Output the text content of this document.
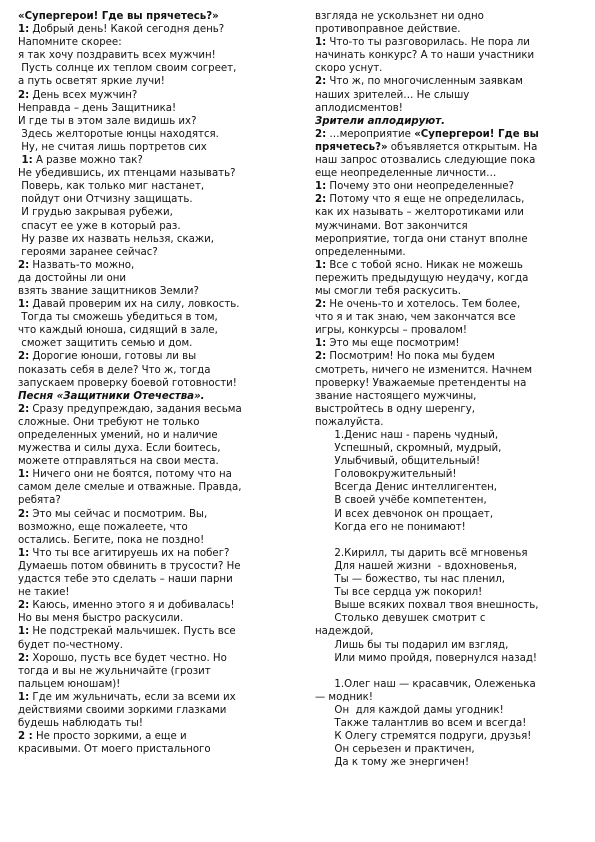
«Супергерои! Где вы прячетесь?»
1: Добрый день! Какой сегодня день?
Напомните скорее:
я так хочу поздравить всех мужчин!
Пусть солнце их теплом своим согреет,
а путь осветят яркие лучи!
2: День всех мужчин?
Неправда – день Защитника!
И где ты в этом зале видишь их?
Здесь желторотые юнцы находятся.
Ну, не считая лишь портретов сих
1: А разве можно так?
Не убедившись, их птенцами называть?
Поверь, как только миг настанет,
пойдут они Отчизну защищать.
И грудью закрывая рубежи,
спасут ее уже в который раз.
Ну разве их назвать нельзя, скажи,
героями заранее сейчас?
2: Назвать-то можно,
да достойны ли они
взять звание защитников Земли?
1: Давай проверим их на силу, ловкость.
Тогда ты сможешь убедиться в том,
что каждый юноша, сидящий в зале,
сможет защитить семью и дом.
2: Дорогие юноши, готовы ли вы
показать себя в деле? Что ж, тогда
запускаем проверку боевой готовности!
Песня «Защитники Отечества».
2: Сразу предупреждаю, задания весьма
сложные. Они требуют не только
определенных умений, но и наличие
мужества и силы духа. Если боитесь,
можете отправляться на свои места.
1: Ничего они не боятся, потому что на
самом деле смелые и отважные. Правда,
ребята?
2: Это мы сейчас и посмотрим. Вы,
возможно, еще пожалеете, что
остались. Бегите, пока не поздно!
1: Что ты все агитируешь их на побег?
Думаешь потом обвинить в трусости? Не
удастся тебе это сделать – наши парни
не такие!
2: Каюсь, именно этого я и добивалась!
Но вы меня быстро раскусили.
1: Не подстрекай мальчишек. Пусть все
будет по-честному.
2: Хорошо, пусть все будет честно. Но
тогда и вы не жульничайте (грозит
пальцем юношам)!
1: Где им жульничать, если за всеми их
действиями своими зоркими глазками
будешь наблюдать ты!
2 : Не просто зоркими, а еще и
красивыми. От моего пристального
взгляда не ускользнет ни одно
противоправное действие.
1: Что-то ты разговорилась. Не пора ли
начинать конкурс? А то наши участники
скоро уснут.
2: Что ж, по многочисленным заявкам
наших зрителей… Не слышу
аплодисментов!
Зрители аплодируют.
2: …мероприятие «Супергерои! Где вы
прячетесь?» объявляется открытым. На
наш запрос отозвались следующие пока
еще неопределенные личности…
1: Почему это они неопределенные?
2: Потому что я еще не определилась,
как их называть – желторотиками или
мужчинами. Вот закончится
мероприятие, тогда они станут вполне
определенными.
1: Все с тобой ясно. Никак не можешь
пережить предыдущую неудачу, когда
мы смогли тебя раскусить.
2: Не очень-то и хотелось. Тем более,
что я и так знаю, чем закончатся все
игры, конкурсы – провалом!
1: Это мы еще посмотрим!
2: Посмотрим! Но пока мы будем
смотреть, ничего не изменится. Начнем
проверку! Уважаемые претенденты на
звание настоящего мужчины,
выстройтесь в одну шеренгу,
пожалуйста.
1.Денис наш - парень чудный,
Успешный, скромный, мудрый,
Улыбчивый, общительный!
Головокружительный!
Всегда Денис интеллигентен,
В своей учёбе компетентен,
И всех девчонок он прощает,
Когда его не понимают!
2.Кирилл, ты дарить всё мгновенья
Для нашей жизни  - вдохновенья,
Ты — божество, ты нас пленил,
Ты все сердца уж покорил!
Выше всяких похвал твоя внешность,
Столько девушек смотрит с
надеждой,
Лишь бы ты подарил им взгляд,
Или мимо пройдя, повернулся назад!
1.Олег наш — красавчик, Олеженька
— модник!
Он  для каждой дамы угодник!
Также талантлив во всем и всегда!
К Олегу стремятся подруги, друзья!
Он серьезен и практичен,
Да к тому же энергичен!
